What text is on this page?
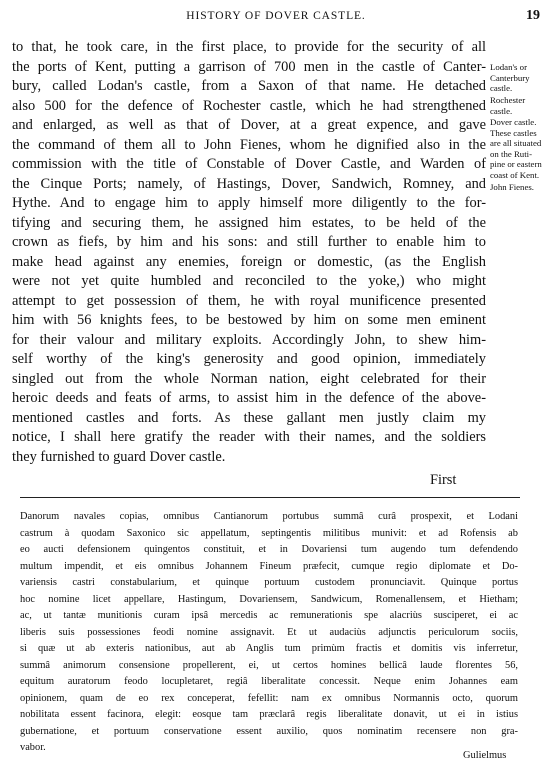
HISTORY OF DOVER CASTLE.	19
to that, he took care, in the first place, to provide for the security of all
the ports of Kent, putting a garrison of 700 men in the castle of Canter-
bury, called Lodan's castle, from a Saxon of that name. He detached
also 500 for the defence of Rochester castle, which he had strengthened
and enlarged, as well as that of Dover, at a great expence, and gave
the command of them all to John Fienes, whom he dignified also in the
commission with the title of Constable of Dover Castle, and Warden of
the Cinque Ports; namely, of Hastings, Dover, Sandwich, Romney, and
Hythe. And to engage him to apply himself more diligently to the for-
tifying and securing them, he assigned him estates, to be held of the
crown as fiefs, by him and his sons: and still further to enable him to
make head against any enemies, foreign or domestic, (as the English
were not yet quite humbled and reconciled to the yoke,) who might
attempt to get possession of them, he with royal munificence presented
him with 56 knights fees, to be bestowed by him on some men eminent
for their valour and military exploits. Accordingly John, to shew him-
self worthy of the king's generosity and good opinion, immediately
singled out from the whole Norman nation, eight celebrated for their
heroic deeds and feats of arms, to assist him in the defence of the above-
mentioned castles and forts. As these gallant men justly claim my
notice, I shall here gratify the reader with their names, and the soldiers
they furnished to guard Dover castle.
First
Lodan's or
Canterbury
castle.
Rochester
castle.
Dover castle.
These castles
are all situated
on the Ruti-
pine or eastern
coast of Kent.
John Fienes.
Danorum navales copias, omnibus Cantianorum portubus summâ curâ prospexit, et Lodani
castrum à quodam Saxonico sic appellatum, septingentis militibus munivit: et ad Rofensis ab
eo aucti defensionem quingentos constituit, et in Dovariensi tum augendo tum defendendo
multum impendit, et eis omnibus Johannem Fineum præfecit, cumque regio diplomate et Do-
variensis castri constabularium, et quinque portuum custodem pronunciavit. Quinque portus
hoc nomine licet appellare, Hastingum, Dovariensem, Sandwicum, Romenallensem, et Hietham;
ac, ut tantæ munitionis curam ipsâ mercedis ac remunerationis spe alacriùs susciperet, ei ac
liberis suis possessiones feodi nomine assignavit. Et ut audaciùs adjunctis periculorum sociis,
si quæ ut ab exteris nationibus, aut ab Anglis tum primùm fractis et domitis vis inferretur,
summâ animorum consensione propellerent, ei, ut certos homines bellicâ laude florentes 56,
equitum auratorum feodo locupletaret, regiâ liberalitate concessit. Neque enim Johannes eam
opinionem, quam de eo rex conceperat, fefellit: nam ex omnibus Normannis octo, quorum
nobilitata essent facinora, elegit: eosque tam præclarâ regis liberalitate donavit, ut ei in istius
gubernatione, et portuum conservatione essent auxilio, quos nominatim recensere non gra-
vabor.
Gulielmus
